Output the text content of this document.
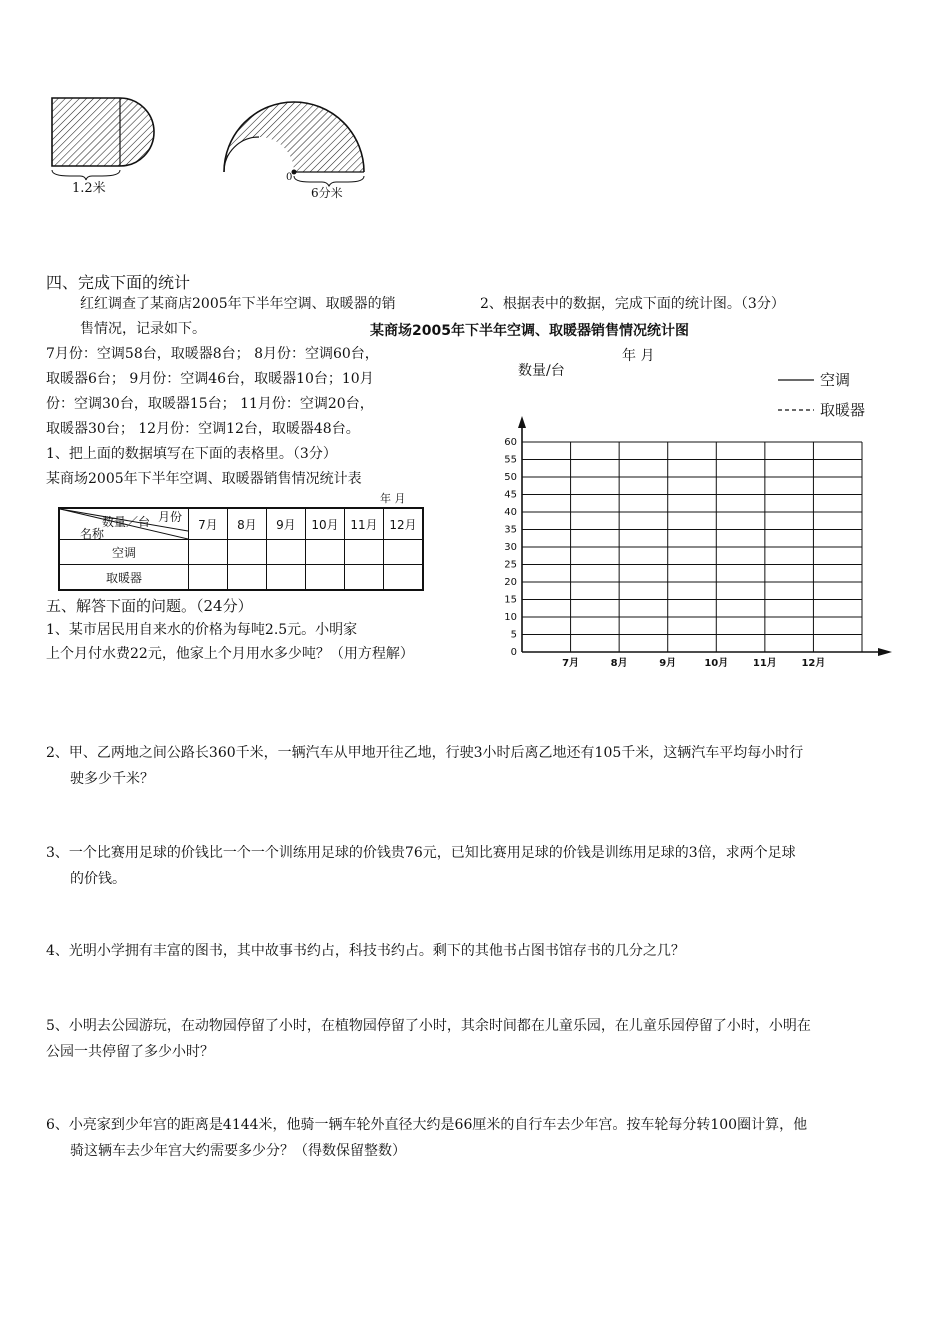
1.2米
0
6分米
四、完成下面的统计
红红调查了某商店2005年下半年空调、取暖器的销
售情况，记录如下。
7月份：空调58台，取暖器8台； 8月份：空调60台，
取暖器6台； 9月份：空调46台，取暖器10台；10月
份：空调30台，取暖器15台； 11月份：空调20台，
取暖器30台； 12月份：空调12台，取暖器48台。
1、把上面的数据填写在下面的表格里。（3分）
某商场2005年下半年空调、取暖器销售情况统计表
年 月
月份
数量／台
名称	7月	8月	9月	10月	11月	12月
空调						
取暖器						
2、根据表中的数据，完成下面的统计图。（3分）
某商场2005年下半年空调、取暖器销售情况统计图
年 月
数量/台
0
5
10
15
20
25
30
35
40
45
50
55
60
7月	8月	9月	10月 11月 12月
空调
取暖器
五、解答下面的问题。（24分）
1、某市居民用自来水的价格为每吨2.5元。小明家
上个月付水费22元，他家上个月用水多少吨？（用方程解）
2、甲、乙两地之间公路长360千米，一辆汽车从甲地开往乙地，行驶3小时后离乙地还有105千米，这辆汽车平均每小时行
驶多少千米？
3、一个比赛用足球的价钱比一个一个训练用足球的价钱贵76元，已知比赛用足球的价钱是训练用足球的3倍，求两个足球
的价钱。
4、光明小学拥有丰富的图书，其中故事书约占，科技书约占。剩下的其他书占图书馆存书的几分之几？
5、小明去公园游玩，在动物园停留了小时，在植物园停留了小时，其余时间都在儿童乐园，在儿童乐园停留了小时，小明在
公园一共停留了多少小时？
6、小亮家到少年宫的距离是4144米，他骑一辆车轮外直径大约是66厘米的自行车去少年宫。按车轮每分转100圈计算，他
骑这辆车去少年宫大约需要多少分？（得数保留整数）
